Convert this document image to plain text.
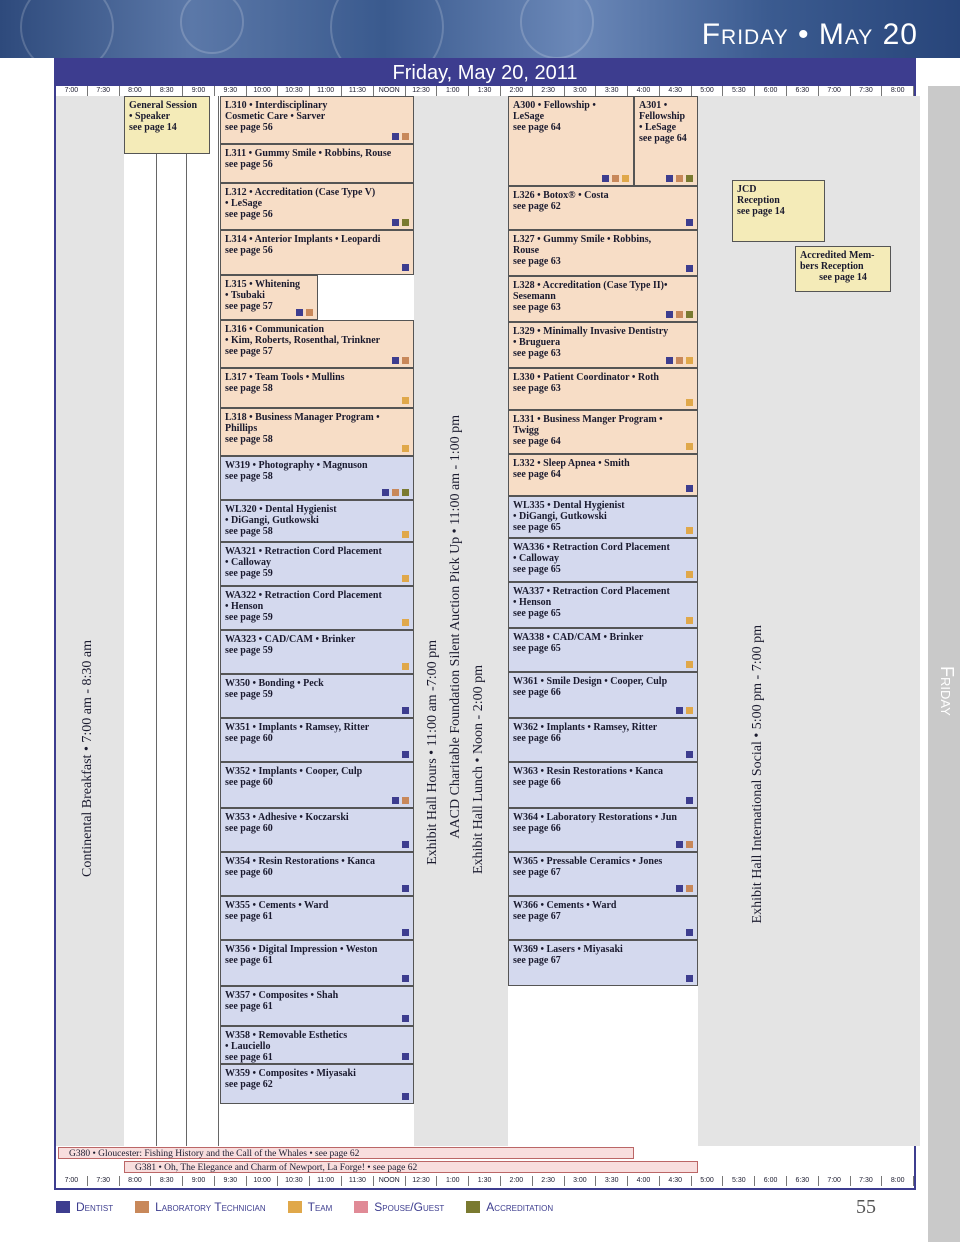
Friday • May 20
Friday, May 20, 2011
Friday
7:00	7:30	8:00	8:30	9:00	9:30	10:00	10:30	11:00	11:30	NOON	12:30	1:00	1:30	2:00	2:30	3:00	3:30	4:00	4:30	5:00	5:30	6:00	6:30	7:00	7:30	8:00
7:00	7:30	8:00	8:30	9:00	9:30	10:00	10:30	11:00	11:30	NOON	12:30	1:00	1:30	2:00	2:30	3:00	3:30	4:00	4:30	5:00	5:30	6:00	6:30	7:00	7:30	8:00
Continental Breakfast • 7:00 am - 8:30 am	Exhibit Hall Hours • 11:00 am -7:00 pm AACD Charitable Foundation Silent Auction Pick Up • 11:00 am - 1:00 pm Exhibit Hall Lunch • Noon - 2:00 pm	Exhibit Hall International Social • 5:00 pm - 7:00 pm
General Session
• Speaker
see page 14
JCD
Reception
see page 14
Accredited Mem-
bers Reception
see page 14
A301 •
Fellowship
• LeSage
see page 64
L310 • Interdisciplinary
Cosmetic Care • Sarver
see page 56
L311 • Gummy Smile • Robbins, Rouse
see page 56
L312 • Accreditation (Case Type V)
• LeSage
see page 56
L314 • Anterior Implants • Leopardi
see page 56
L315 • Whitening
• Tsubaki
see page 57
L316 • Communication
• Kim, Roberts, Rosenthal, Trinkner
see page 57
L317 • Team Tools • Mullins
see page 58
L318 • Business Manager Program •
Phillips
see page 58
W319 • Photography • Magnuson
see page 58
WL320 • Dental Hygienist
• DiGangi, Gutkowski
see page 58
WA321 • Retraction Cord Placement
• Calloway
see page 59
WA322 • Retraction Cord Placement
• Henson
see page 59
WA323 • CAD/CAM • Brinker
see page 59
W350 • Bonding • Peck
see page 59
W351 • Implants • Ramsey, Ritter
see page 60
W352 • Implants • Cooper, Culp
see page 60
W353 • Adhesive • Koczarski
see page 60
W354 • Resin Restorations • Kanca
see page 60
W355 • Cements • Ward
see page 61
W356 • Digital Impression • Weston
see page 61
W357 • Composites • Shah
see page 61
W358 • Removable Esthetics
• Lauciello
see page 61
W359 • Composites • Miyasaki
see page 62
A300 • Fellowship •
LeSage
see page 64
L326 • Botox® • Costa
see page 62
L327 • Gummy Smile • Robbins,
Rouse
see page 63
L328 • Accreditation (Case Type II)•
Sesemann
see page 63
L329 • Minimally Invasive Dentistry
• Bruguera
see page 63
L330 • Patient Coordinator • Roth
see page 63
L331 • Business Manger Program •
Twigg
see page 64
L332 • Sleep Apnea • Smith
see page 64
WL335 • Dental Hygienist
• DiGangi, Gutkowski
see page 65
WA336 • Retraction Cord Placement
• Calloway
see page 65
WA337 • Retraction Cord Placement
• Henson
see page 65
WA338 • CAD/CAM • Brinker
see page 65
W361 • Smile Design • Cooper, Culp
see page 66
W362 • Implants • Ramsey, Ritter
see page 66
W363 • Resin Restorations • Kanca
see page 66
W364 • Laboratory Restorations • Jun
see page 66
W365 • Pressable Ceramics • Jones
see page 67
W366 • Cements • Ward
see page 67
W369 • Lasers • Miyasaki
see page 67
G380 • Gloucester: Fishing History and the Call of the Whales • see page 62
G381 • Oh, The Elegance and Charm of Newport, La Forge! • see page 62
Dentist	Laboratory Technician	Team	Spouse/Guest	Accreditation	55
